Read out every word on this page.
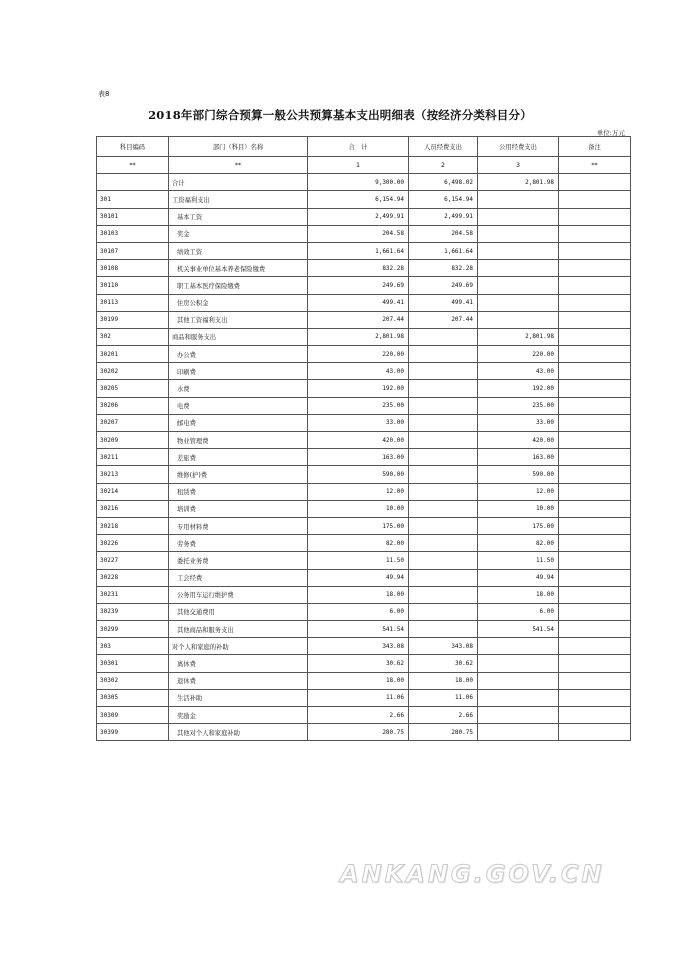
表8
2018年部门综合预算一般公共预算基本支出明细表（按经济分类科目分）
单位:万元
科目编码	部门（科目）名称	合　计	人员经费支出	公用经费支出	备注
**	**	1	2	3	**
	合计	9,300.00	6,498.02	2,801.98	
301	工资福利支出	6,154.94	6,154.94		
30101	基本工资	2,499.91	2,499.91		
30103	奖金	204.58	204.58		
30107	绩效工资	1,661.64	1,661.64		
30108	机关事业单位基本养老保险缴费	832.28	832.28		
30110	职工基本医疗保险缴费	249.69	249.69		
30113	住房公积金	499.41	499.41		
30199	其他工资福利支出	207.44	207.44		
302	商品和服务支出	2,801.98		2,801.98	
30201	办公费	220.00		220.00	
30202	印刷费	43.00		43.00	
30205	水费	192.00		192.00	
30206	电费	235.00		235.00	
30207	邮电费	33.00		33.00	
30209	物业管理费	420.00		420.00	
30211	差旅费	163.00		163.00	
30213	维修(护)费	590.00		590.00	
30214	租赁费	12.00		12.00	
30216	培训费	10.00		10.00	
30218	专用材料费	175.00		175.00	
30226	劳务费	82.00		82.00	
30227	委托业务费	11.50		11.50	
30228	工会经费	49.94		49.94	
30231	公务用车运行维护费	18.00		18.00	
30239	其他交通费用	6.00		6.00	
30299	其他商品和服务支出	541.54		541.54	
303	对个人和家庭的补助	343.08	343.08		
30301	离休费	30.62	30.62		
30302	退休费	18.00	18.00		
30305	生活补助	11.06	11.06		
30309	奖励金	2.66	2.66		
30399	其他对个人和家庭补助	280.75	280.75		
ANKANG.GOV.CN
